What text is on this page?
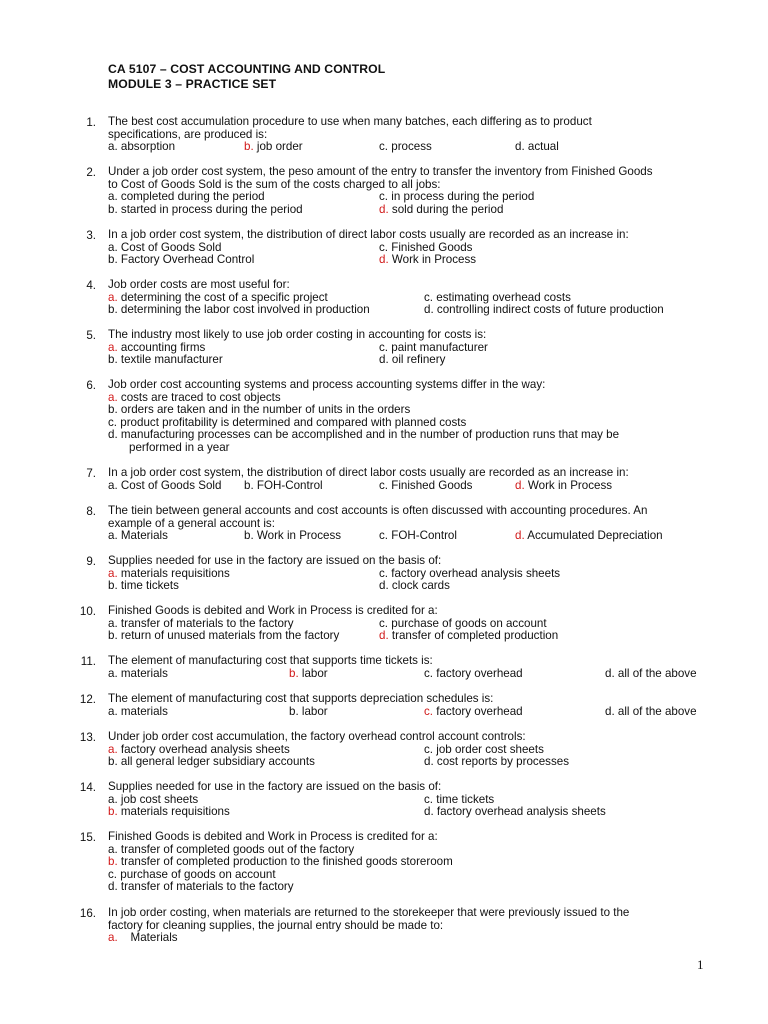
CA 5107 – COST ACCOUNTING AND CONTROL
MODULE 3 – PRACTICE SET
1. The best cost accumulation procedure to use when many batches, each differing as to product
specifications, are produced is:
a. absorption	b. job order	c. process	d. actual
2. Under a job order cost system, the peso amount of the entry to transfer the inventory from Finished Goods
to Cost of Goods Sold is the sum of the costs charged to all jobs:
a. completed during the period	c. in process during the period
b. started in process during the period	d. sold during the period
3. In a job order cost system, the distribution of direct labor costs usually are recorded as an increase in:
a. Cost of Goods Sold	c. Finished Goods
b. Factory Overhead Control	d. Work in Process
4. Job order costs are most useful for:
a. determining the cost of a specific project	c. estimating overhead costs
b. determining the labor cost involved in production	d. controlling indirect costs of future production
5. The industry most likely to use job order costing in accounting for costs is:
a. accounting firms	c. paint manufacturer
b. textile manufacturer	d. oil refinery
6. Job order cost accounting systems and process accounting systems differ in the way:
a. costs are traced to cost objects
b. orders are taken and in the number of units in the orders
c. product profitability is determined and compared with planned costs
d. manufacturing processes can be accomplished and in the number of production runs that may be
performed in a year
7. In a job order cost system, the distribution of direct labor costs usually are recorded as an increase in:
a. Cost of Goods Sold b. FOH-Control	c. Finished Goods	d. Work in Process
8. The tiein between general accounts and cost accounts is often discussed with accounting procedures. An
example of a general account is:
a. Materials	b. Work in Process	c. FOH-Control	d. Accumulated Depreciation
9. Supplies needed for use in the factory are issued on the basis of:
a. materials requisitions	c. factory overhead analysis sheets
b. time tickets	d. clock cards
10. Finished Goods is debited and Work in Process is credited for a:
a. transfer of materials to the factory	c. purchase of goods on account
b. return of unused materials from the factory	d. transfer of completed production
11. The element of manufacturing cost that supports time tickets is:
a. materials	b. labor	c. factory overhead	d. all of the above
12. The element of manufacturing cost that supports depreciation schedules is:
a. materials	b. labor	c. factory overhead	d. all of the above
13. Under job order cost accumulation, the factory overhead control account controls:
a. factory overhead analysis sheets	c. job order cost sheets
b. all general ledger subsidiary accounts	d. cost reports by processes
14. Supplies needed for use in the factory are issued on the basis of:
a. job cost sheets	c. time tickets
b. materials requisitions	d. factory overhead analysis sheets
15. Finished Goods is debited and Work in Process is credited for a:
a. transfer of completed goods out of the factory
b. transfer of completed production to the finished goods storeroom
c. purchase of goods on account
d. transfer of materials to the factory
16. In job order costing, when materials are returned to the storekeeper that were previously issued to the
factory for cleaning supplies, the journal entry should be made to:
a.    Materials
1
